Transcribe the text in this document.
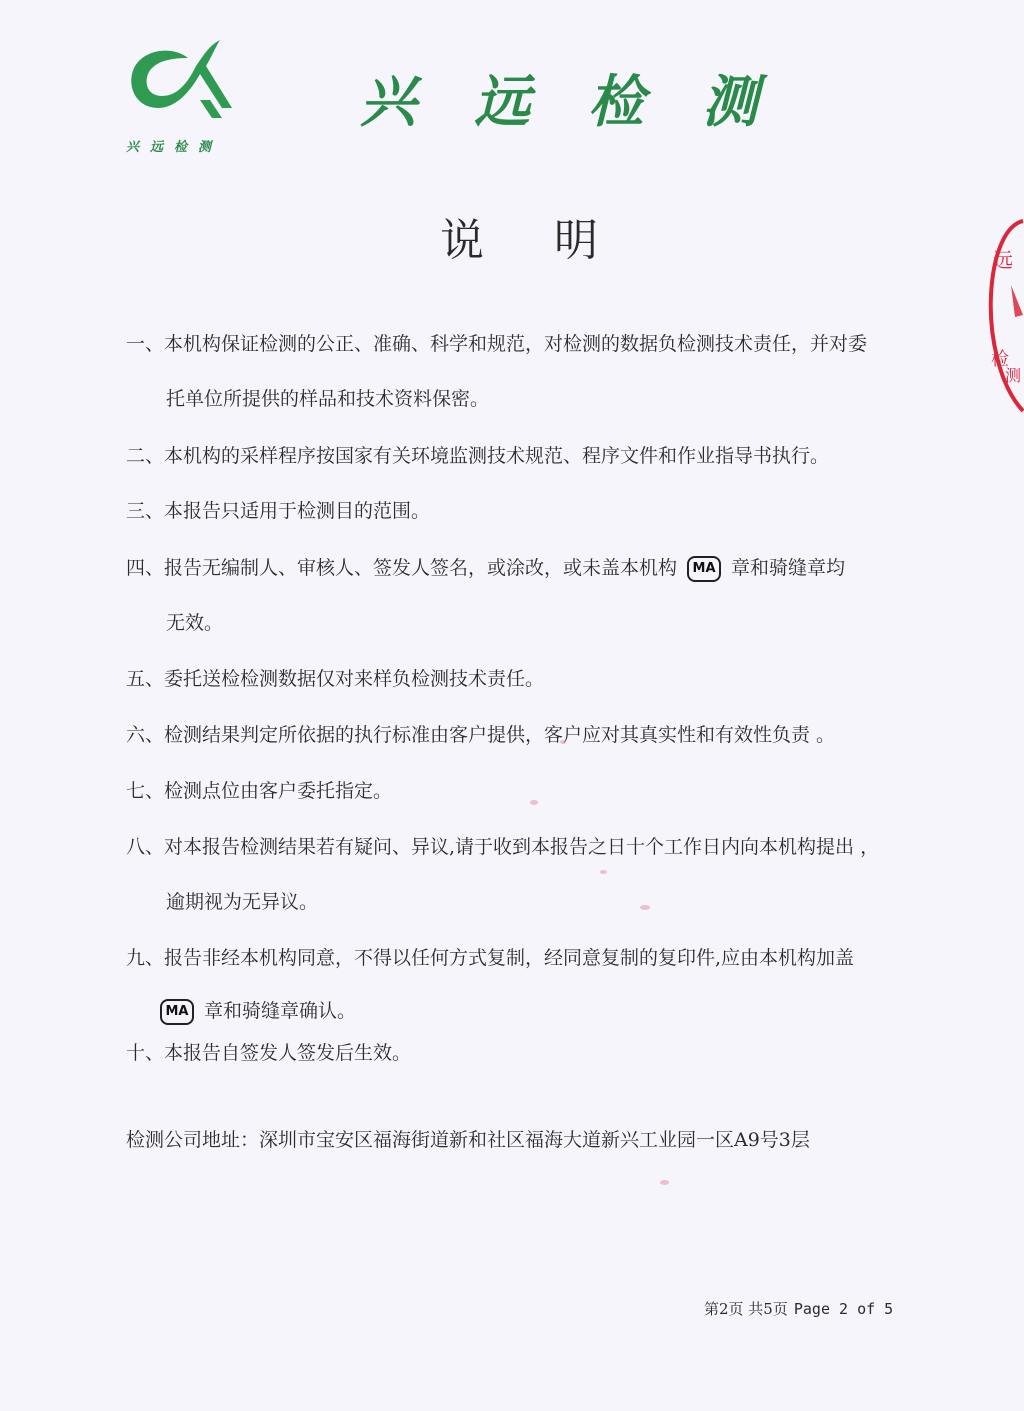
兴远检测
兴远检测
说明
一、本机构保证检测的公正、准确、科学和规范，对检测的数据负检测技术责任，并对委
托单位所提供的样品和技术资料保密。
二、本机构的采样程序按国家有关环境监测技术规范、程序文件和作业指导书执行。
三、本报告只适用于检测目的范围。
四、报告无编制人、审核人、签发人签名，或涂改，或未盖本机构 MA 章和骑缝章均
无效。
五、委托送检检测数据仅对来样负检测技术责任。
六、检测结果判定所依据的执行标准由客户提供，客户应对其真实性和有效性负责 。
七、检测点位由客户委托指定。
八、对本报告检测结果若有疑问、异议,请于收到本报告之日十个工作日内向本机构提出 ，
逾期视为无异议。
九、报告非经本机构同意，不得以任何方式复制，经同意复制的复印件,应由本机构加盖
MA 章和骑缝章确认。
十、本报告自签发人签发后生效。
检测公司地址：深圳市宝安区福海街道新和社区福海大道新兴工业园一区A9号3层
第2页 共5页 Page 2 of 5
远
检
测
